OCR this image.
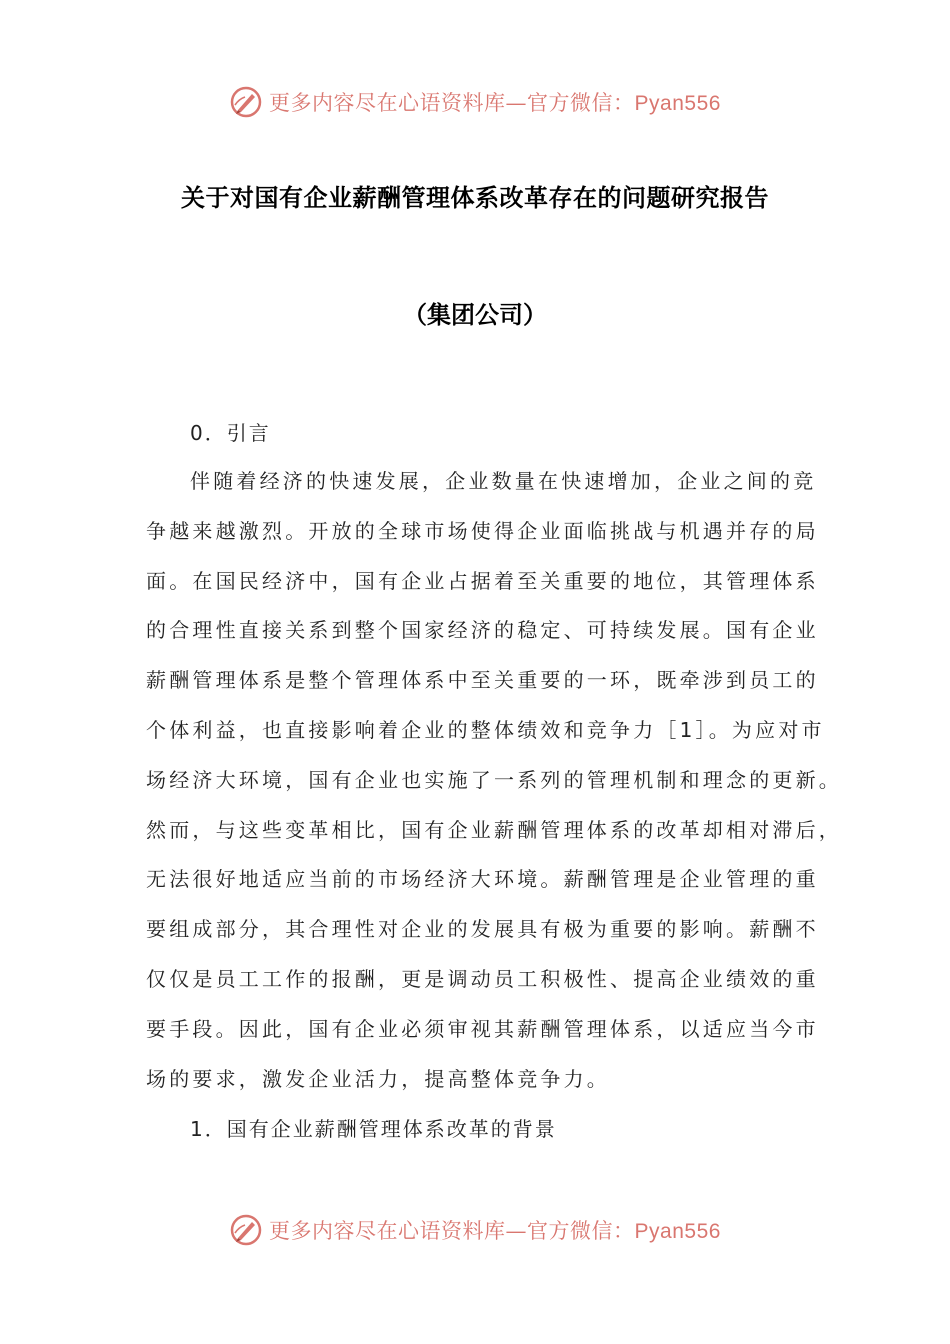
更多内容尽在心语资料库—官方微信：Pyan556
关于对国有企业薪酬管理体系改革存在的问题研究报告
（集团公司）
0．引言
伴随着经济的快速发展，企业数量在快速增加，企业之间的竞
争越来越激烈。开放的全球市场使得企业面临挑战与机遇并存的局
面。在国民经济中，国有企业占据着至关重要的地位，其管理体系
的合理性直接关系到整个国家经济的稳定、可持续发展。国有企业
薪酬管理体系是整个管理体系中至关重要的一环，既牵涉到员工的
个体利益，也直接影响着企业的整体绩效和竞争力［1］。为应对市
场经济大环境，国有企业也实施了一系列的管理机制和理念的更新。
然而，与这些变革相比，国有企业薪酬管理体系的改革却相对滞后，
无法很好地适应当前的市场经济大环境。薪酬管理是企业管理的重
要组成部分，其合理性对企业的发展具有极为重要的影响。薪酬不
仅仅是员工工作的报酬，更是调动员工积极性、提高企业绩效的重
要手段。因此，国有企业必须审视其薪酬管理体系，以适应当今市
场的要求，激发企业活力，提高整体竞争力。
1．国有企业薪酬管理体系改革的背景
更多内容尽在心语资料库—官方微信：Pyan556
